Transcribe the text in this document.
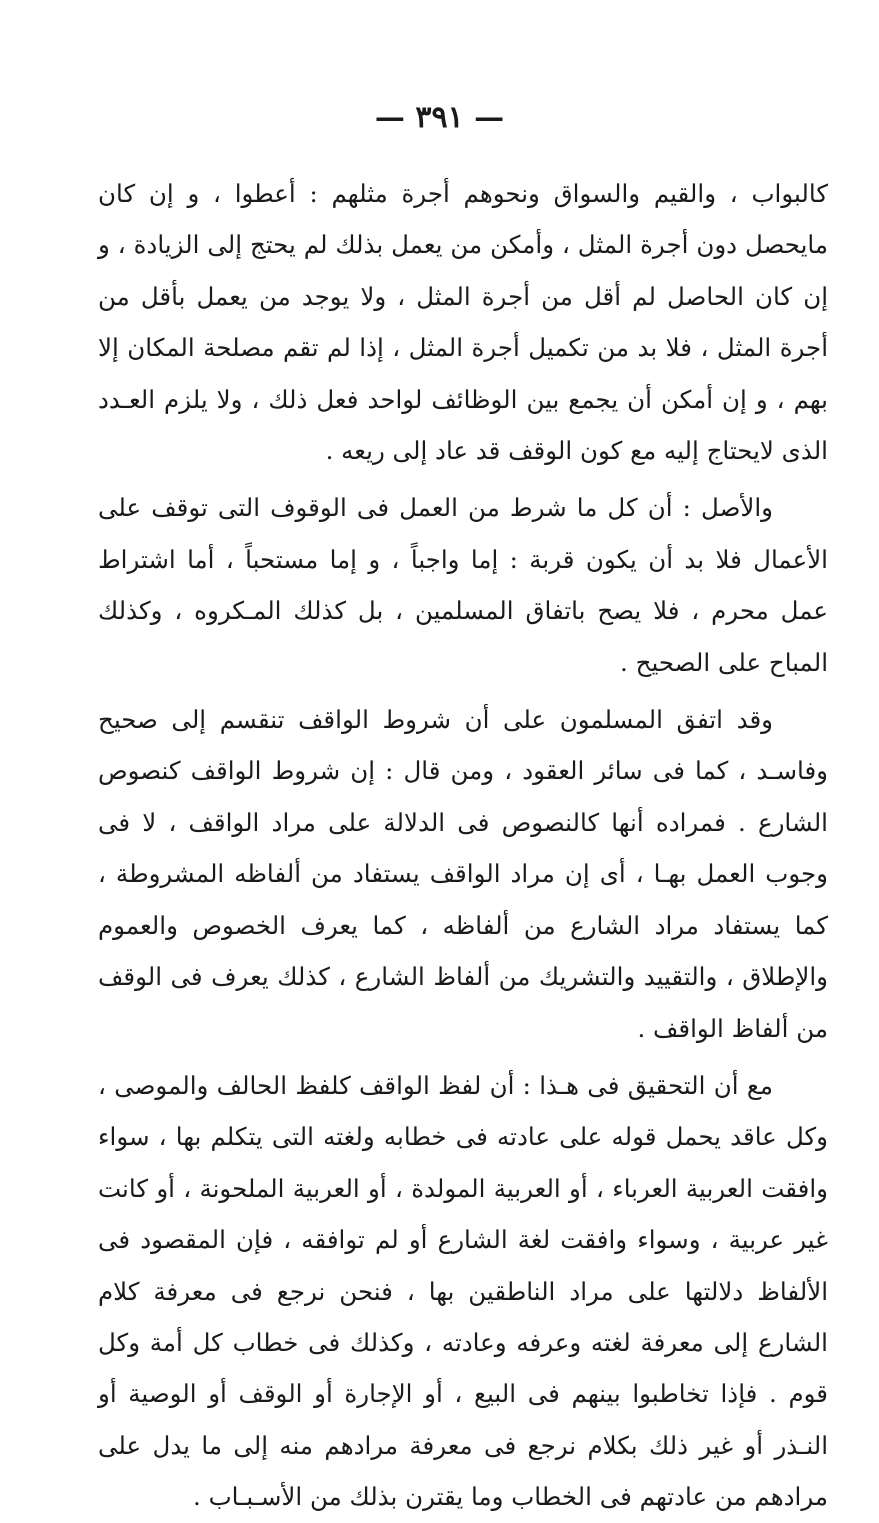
— ٣٩١ —

كالبواب ، والقيم والسواق ونحوهم أجرة مثلهم : أعطوا ، و إن كان مايحصل دون أجرة المثل ، وأمكن من يعمل بذلك لم يحتج إلى الزيادة ، و إن كان الحاصل لم أقل من أجرة المثل ، ولا يوجد من يعمل بأقل من أجرة المثل ، فلا بد من تكميل أجرة المثل ، إذا لم تقم مصلحة المكان إلا بهم ، و إن أمكن أن يجمع بين الوظائف لواحد فعل ذلك ، ولا يلزم العـدد الذى لايحتاج إليه مع كون الوقف قد عاد إلى ريعه .

والأصل : أن كل ما شرط من العمل فى الوقوف التى توقف على الأعمال فلا بد أن يكون قربة : إما واجباً ، و إما مستحباً ، أما اشتراط عمل محرم ، فلا يصح باتفاق المسلمين ، بل كذلك المـكروه ، وكذلك المباح على الصحيح .

وقد اتفق المسلمون على أن شروط الواقف تنقسم إلى صحيح وفاسـد ، كما فى سائر العقود ، ومن قال : إن شروط الواقف كنصوص الشارع . فمراده أنها كالنصوص فى الدلالة على مراد الواقف ، لا فى وجوب العمل بهـا ، أى إن مراد الواقف يستفاد من ألفاظه المشروطة ، كما يستفاد مراد الشارع من ألفاظه ، كما يعرف الخصوص والعموم والإطلاق ، والتقييد والتشريك من ألفاظ الشارع ، كذلك يعرف فى الوقف من ألفاظ الواقف .

مع أن التحقيق فى هـذا : أن لفظ الواقف كلفظ الحالف والموصى ، وكل عاقد يحمل قوله على عادته فى خطابه ولغته التى يتكلم بها ، سواء وافقت العربية العرباء ، أو العربية المولدة ، أو العربية الملحونة ، أو كانت غير عربية ، وسواء وافقت لغة الشارع أو لم توافقه ، فإن المقصود فى الألفاظ دلالتها على مراد الناطقين بها ، فنحن نرجع فى معرفة كلام الشارع إلى معرفة لغته وعرفه وعادته ، وكذلك فى خطاب كل أمة وكل قوم . فإذا تخاطبوا بينهم فى البيع ، أو الإجارة أو الوقف أو الوصية أو النـذر أو غير ذلك بكلام نرجع فى معرفة مرادهم منه إلى ما يدل على مرادهم من عادتهم فى الخطاب وما يقترن بذلك من الأسـبـاب .
